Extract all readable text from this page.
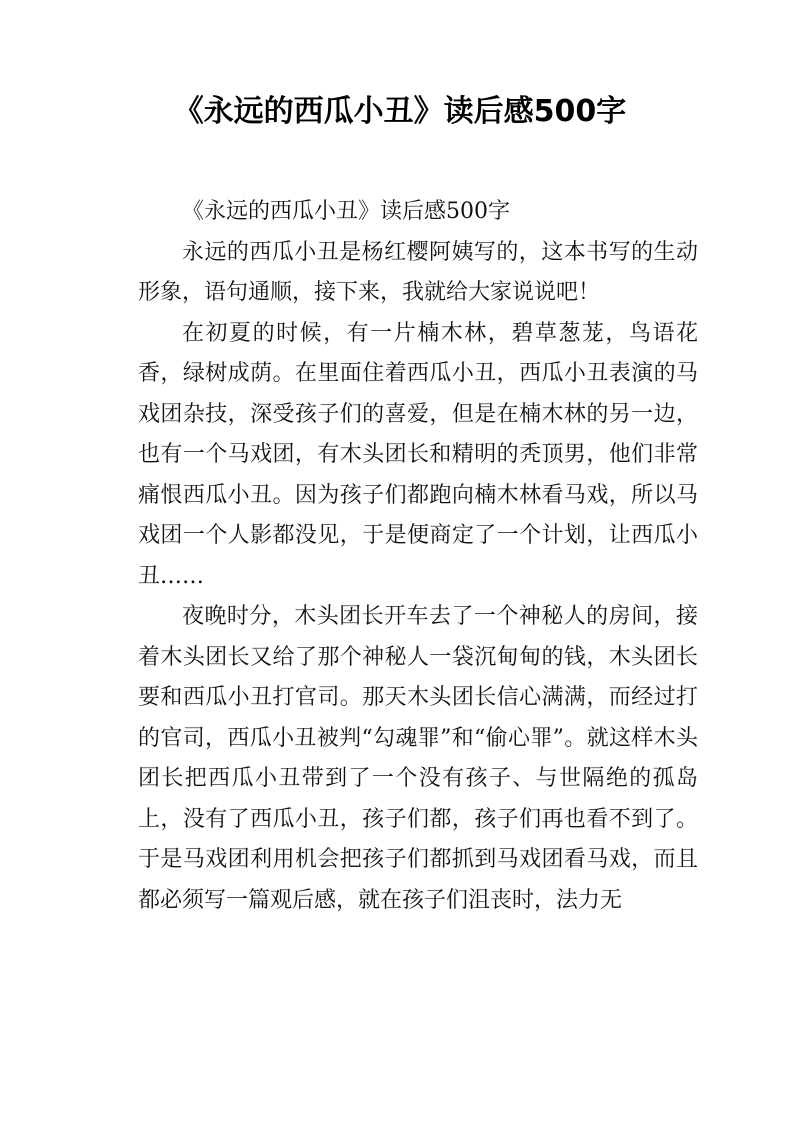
《永远的西瓜小丑》读后感500字

《永远的西瓜小丑》读后感500字

永远的西瓜小丑是杨红樱阿姨写的，这本书写的生动形象，语句通顺，接下来，我就给大家说说吧！

在初夏的时候，有一片楠木林，碧草葱茏，鸟语花香，绿树成荫。在里面住着西瓜小丑，西瓜小丑表演的马戏团杂技，深受孩子们的喜爱，但是在楠木林的另一边，也有一个马戏团，有木头团长和精明的秃顶男，他们非常痛恨西瓜小丑。因为孩子们都跑向楠木林看马戏，所以马戏团一个人影都没见，于是便商定了一个计划，让西瓜小丑……

夜晚时分，木头团长开车去了一个神秘人的房间，接着木头团长又给了那个神秘人一袋沉甸甸的钱，木头团长要和西瓜小丑打官司。那天木头团长信心满满，而经过打的官司，西瓜小丑被判“勾魂罪”和“偷心罪”。就这样木头团长把西瓜小丑带到了一个没有孩子、与世隔绝的孤岛上，没有了西瓜小丑，孩子们都，孩子们再也看不到了。于是马戏团利用机会把孩子们都抓到马戏团看马戏，而且都必须写一篇观后感，就在孩子们沮丧时，法力无
